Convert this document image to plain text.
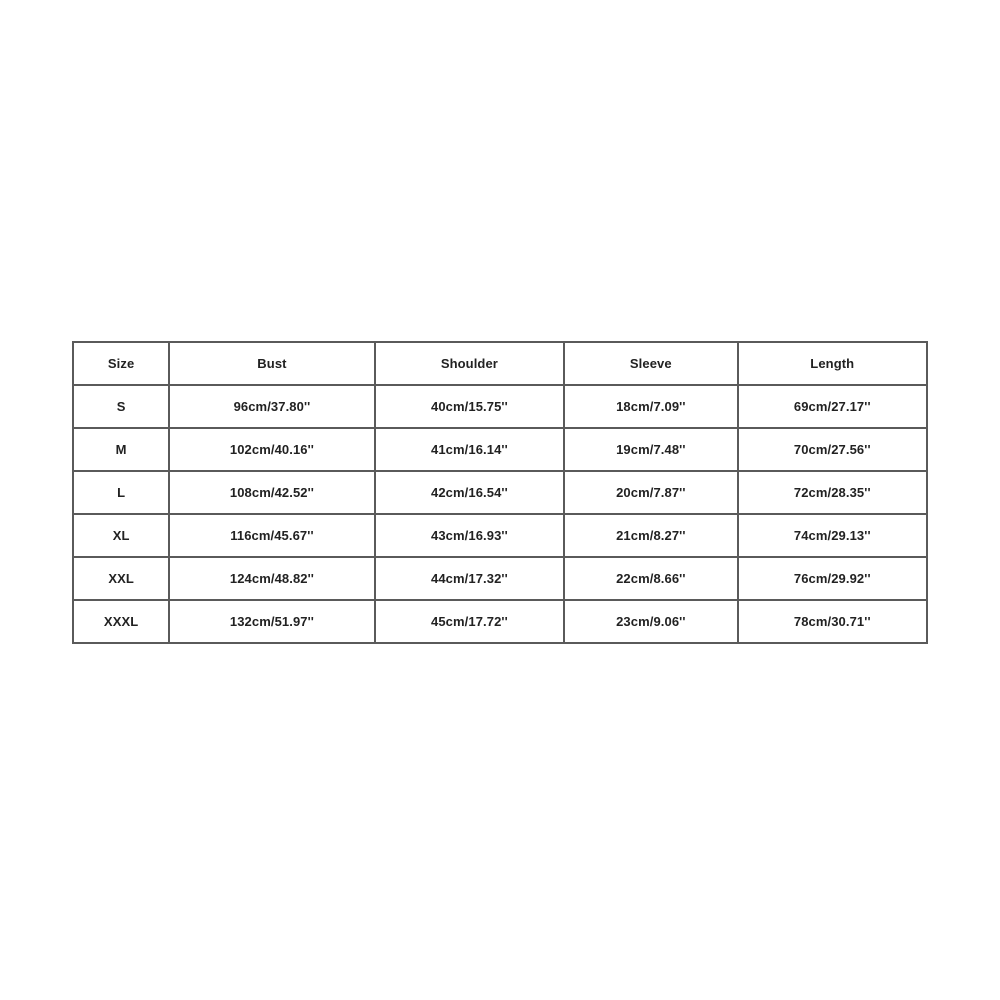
Size	Bust	Shoulder	Sleeve	Length
S	96cm/37.80''	40cm/15.75''	18cm/7.09''	69cm/27.17''
M	102cm/40.16''	41cm/16.14''	19cm/7.48''	70cm/27.56''
L	108cm/42.52''	42cm/16.54''	20cm/7.87''	72cm/28.35''
XL	116cm/45.67''	43cm/16.93''	21cm/8.27''	74cm/29.13''
XXL	124cm/48.82''	44cm/17.32''	22cm/8.66''	76cm/29.92''
XXXL	132cm/51.97''	45cm/17.72''	23cm/9.06''	78cm/30.71''
